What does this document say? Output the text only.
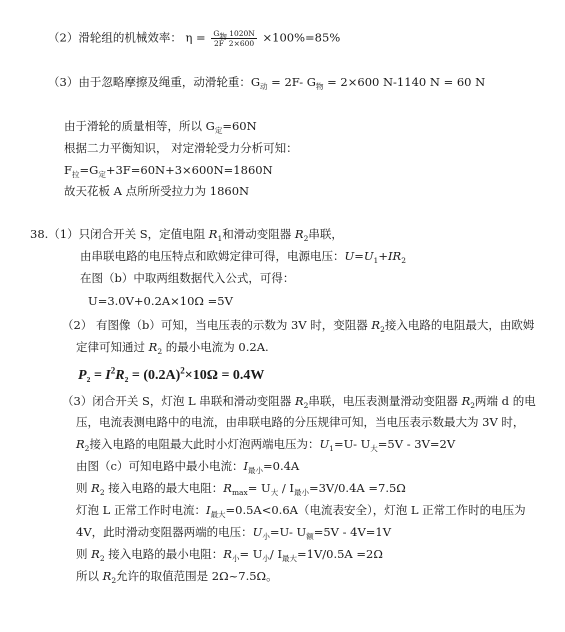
（2）滑轮组的机械效率： $\eta = \frac{\text{G物 1020N}}{2F 2\times 600} \times 100\%=85\%$
（3）由于忽略摩擦及绳重，动滑轮重：$G_动 = 2F-$ $G_物 = 2\times 600$ N-1140 N = 60 N
由于滑轮的质量相等，所以 $G_定=60N$
根据二力平衡知识， 对定滑轮受力分析可知：
$F_拉=G_定+3F=60N+3\times 600N=1860N$
故天花板 A 点所所受拉力为 1860N
38.（1）只闭合开关 S，定值电阻 $R_1$和滑动变阻器 $R_2$串联，
由串联电路的电压特点和欧姆定律可得，电源电压：$U=U_1+IR_2$
在图（b）中取两组数据代入公式，可得：
U=3.0V+0.2A×10Ω =5V
（2） 有图像（b）可知，当电压表的示数为 3V 时，变阻器 $R_2$接入电路的电阻最大，由欧姆
定律可知通过 $R_2$ 的最小电流为 0.2A.
$P_2 = I^2R_2 = (0.2A)^2\times 10\Omega = 0.4W$
（3）闭合开关 S，灯泡 L 串联和滑动变阻器 $R_2$串联，电压表测量滑动变阻器 $R_2$两端 d 的电
压，电流表测电路中的电流，由串联电路的分压规律可知，当电压表示数最大为 3V 时，
$R_2$接入电路的电阻最大此时小灯泡两端电压为：$U_1=U-$ $U_大=5V - 3V=2V$
由图（c）可知电路中最小电流：$I_{最小}=0.4A$
则 $R_2$ 接入电路的最大电阻：$R_{max}= U_大 / I_{最小}=3V/0.4A =7.5\Omega$
灯泡 L 正常工作时电流：$I_{最大}=0.5A<0.6A$（电流表安全），灯泡 L 正常工作时的电压为
4V，此时滑动变阻器两端的电压：$U_小=U-$ $U_额=5V - 4V=1V$
则 $R_2$ 接入电路的最小电阻：$R_小= U_小/$ $I_{最大}=1V/0.5A =2\Omega$
所以 $R_2$允许的取值范围是 2Ω~7.5Ω。
